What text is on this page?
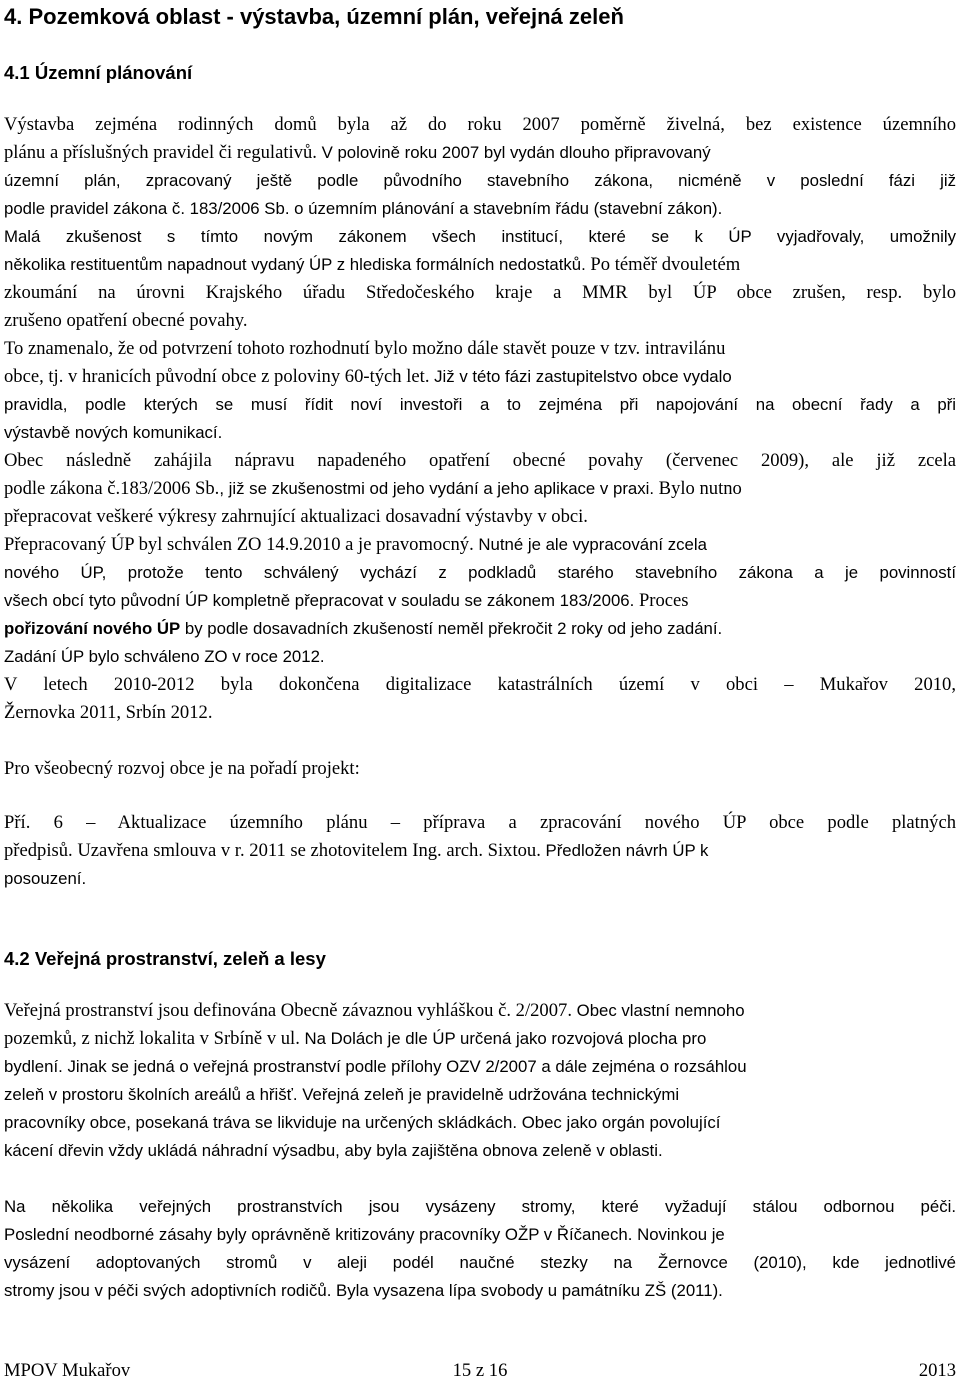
4. Pozemková oblast - výstavba, územní plán, veřejná zeleň
4.1 Územní plánování
Výstavba zejména rodinných domů byla až do roku 2007 poměrně živelná, bez existence územního
plánu a příslušných pravidel či regulativů. V polovině roku 2007 byl vydán dlouho připravovaný
územní plán, zpracovaný ještě podle původního stavebního zákona, nicméně v poslední fázi již
podle pravidel zákona č. 183/2006 Sb. o územním plánování a stavebním řádu (stavební zákon).
Malá zkušenost s tímto novým zákonem všech institucí, které se k ÚP vyjadřovaly, umožnily
několika restituentům napadnout vydaný ÚP z hlediska formálních nedostatků. Po téměř dvouletém
zkoumání na úrovni Krajského úřadu Středočeského kraje a MMR byl ÚP obce zrušen, resp. bylo
zrušeno opatření obecné povahy.
To znamenalo, že od potvrzení tohoto rozhodnutí bylo možno dále stavět pouze v tzv. intravilánu
obce, tj. v hranicích původní obce z poloviny 60-tých let. Již v této fázi zastupitelstvo obce vydalo
pravidla, podle kterých se musí řídit noví investoři a to zejména při napojování na obecní řady a při
výstavbě nových komunikací.
Obec následně zahájila nápravu napadeného opatření obecné povahy (červenec 2009), ale již zcela
podle zákona č.183/2006 Sb., již se zkušenostmi od jeho vydání a jeho aplikace v praxi. Bylo nutno
přepracovat veškeré výkresy zahrnující aktualizaci dosavadní výstavby v obci.
Přepracovaný ÚP byl schválen ZO 14.9.2010 a je pravomocný. Nutné je ale vypracování zcela
nového ÚP, protože tento schválený vychází z podkladů starého stavebního zákona a je povinností
všech obcí tyto původní ÚP kompletně přepracovat v souladu se zákonem 183/2006. Proces
pořizování nového ÚP by podle dosavadních zkušeností neměl překročit 2 roky od jeho zadání.
Zadání ÚP bylo schváleno ZO v roce 2012.
V letech 2010-2012 byla dokončena digitalizace katastrálních území v obci – Mukařov 2010,
Žernovka 2011, Srbín 2012.
Pro všeobecný rozvoj obce je na pořadí projekt:
Pří. 6 – Aktualizace územního plánu – příprava a zpracování nového ÚP obce podle platných
předpisů. Uzavřena smlouva v r. 2011 se zhotovitelem Ing. arch. Sixtou. Předložen návrh ÚP k
posouzení.
4.2 Veřejná prostranství, zeleň a lesy
Veřejná prostranství jsou definována Obecně závaznou vyhláškou č. 2/2007. Obec vlastní nemnoho
pozemků, z nichž lokalita v Srbíně v ul. Na Dolách je dle ÚP určená jako rozvojová plocha pro
bydlení. Jinak se jedná o veřejná prostranství podle přílohy OZV 2/2007 a dále zejména o rozsáhlou
zeleň v prostoru školních areálů a hřišť. Veřejná zeleň je pravidelně udržována technickými
pracovníky obce, posekaná tráva se likviduje na určených skládkách. Obec jako orgán povolující
kácení dřevin vždy ukládá náhradní výsadbu, aby byla zajištěna obnova zeleně v oblasti.
Na několika veřejných prostranstvích jsou vysázeny stromy, které vyžadují stálou odbornou péči.
Poslední neodborné zásahy byly oprávněně kritizovány pracovníky OŽP v Říčanech. Novinkou je
vysázení adoptovaných stromů v aleji podél naučné stezky na Žernovce (2010), kde jednotlivé
stromy jsou v péči svých adoptivních rodičů. Byla vysazena lípa svobody u památníku ZŠ (2011).
MPOV Mukařov	15 z 16	2013
